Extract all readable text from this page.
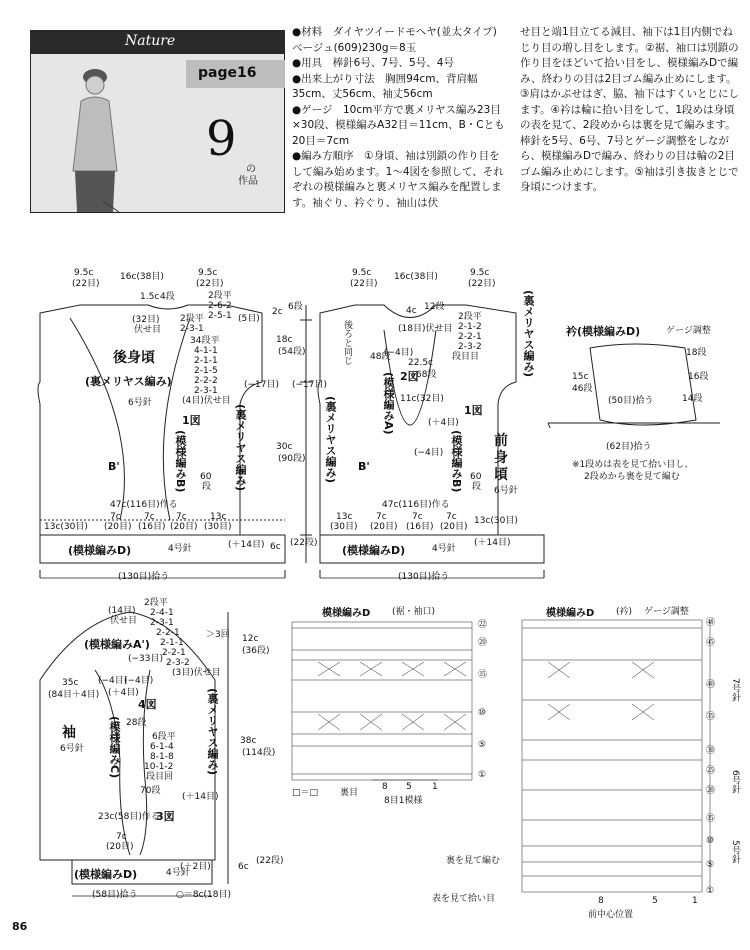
Nature
page16
9
の
作品
●材料　ダイヤツイードモヘヤ(並太タイプ)　ベージュ(609)230g＝8玉
●用具　棒針6号、7号、5号、4号
●出来上がり寸法　胸囲94cm、背肩幅35cm、丈56cm、袖丈56cm
●ゲージ　10cm平方で裏メリヤス編み23目×30段、模様編みA32目＝11cm、B・Cとも20目＝7cm
●編み方順序　①身頃、袖は別鎖の作り目をして編み始めます。1～4図を参照して、それぞれの模様編みと裏メリヤス編みを配置します。袖ぐり、衿ぐり、袖山は伏
せ目と端1目立てる減目、袖下は1目内側でねじり目の増し目をします。②裾、袖口は別鎖の作り目をほどいて拾い目をし、模様編みDで編み、終わりの目は2目ゴム編み止めにします。③肩はかぶせはぎ、脇、袖下はすくいとじにします。④衿は輪に拾い目をして、1段めは身頃の表を見て、2段めからは裏を見て編みます。棒針を5号、6号、7号とゲージ調整をしながら、模様編みDで編み、終わりの目は輪の2目ゴム編み止めにします。⑤袖は引き抜きとじで身頃につけます。
9.5c
(22目)
16c(38目)	9.5c
(22目)
2段平
2-6-2
2-5-1 (5目)
1.5c 4段
(32目)
伏せ目
2段平
2-3-1
34段平
4-1-1
2-1-1
2-1-5
2-2-2
2-3-1
(4目)伏せ目
後身頃
(裏メリヤス編み)
6号針
1図	(裏メリヤス編み)
(模様編みB)
B'
60
段
(−17目)
47c(116目)作る
13c(30目)
7c
(20目)
7c
(16目)
7c
(20目)
13c
(30目)
(模様編みD)	4号針	(＋14目)
(130目)拾う
2c 6段
18c
(54段)
30c
(90段)
6c (22段)
(−17目)
9.5c
(22目)
16c(38目)	9.5c
(22目)
4c 12段
(18目)伏せ目
2段平
2-1-2
2-2-1
2-3-2
段目目
(−4目)
22.5c
68段
11c(32目)
48段
(＋4目)
(−4目)
後ろと同じ
2図
1図
前
身
頃
6号針
(裏メリヤス編み)
(裏メリヤス編み)
(模様編みA)
(模様編みB)
B'
60
段
47c(116目)作る
13c
(30目)
7c
(20目)
7c
(16目)
7c
(20目)
13c(30目)
(模様編みD)	4号針
(＋14目)
(130目)拾う
衿(模様編みD)	ゲージ調整
15c
46段
(50目)拾う
(62目)拾う
18段
16段
14段
※1段めは表を見て拾い目し、
2段めから裏を見て編む
(14目)
伏せ目
2段平
2-4-1
2-3-1
2-2-1	＞3回
2-1-1
2-2-1
2-3-2
(3目)伏せ目
(−33目)
(−4目)
(−4目)
(＋4目)
35c
(84目＋4目)
(模様編みA')
4図
28段
袖
6号針 (模様編みC)	(裏メリヤス編み)
6段平
6-1-4
8-1-8
10-1-2
段目回
70段
(＋14目)
23c(58目)作る
3図
7c
(20目)
(＋2目)
(模様編みD)	4号針
(58目)拾う	○＝8c(18目)
12c
(36段)
38c
(114段)
6c
(22段)
模様編みD (裾・袖口)
㉒
⑳
⑮
⑩
⑤
①
8 5 1
□＝□ 裏目
8目1模様
模様編みD (衿) ゲージ調整
㊽
㊺
㊵
㉟
㉚
㉕
⑳
⑮
⑩
⑤
①
7号針
6号針
5号針
裏を見て編む
表を見て拾い目	8	5	1
前中心位置
86
